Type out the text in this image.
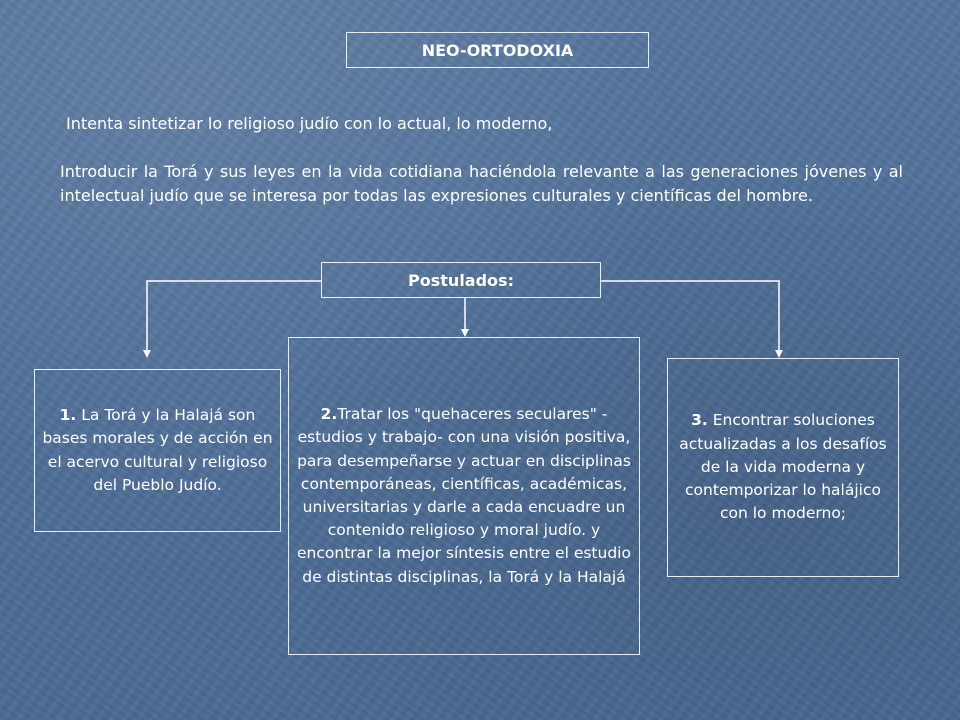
NEO-ORTODOXIA
Intenta sintetizar lo religioso judío con lo actual, lo moderno,
Introducir la Torá y sus leyes en la vida cotidiana haciéndola relevante a las generaciones jóvenes y al intelectual judío que se interesa por todas las expresiones culturales y científicas del hombre.
Postulados:
1. La Torá y la Halajá son bases morales y de acción en el acervo cultural y religioso del Pueblo Judío.
2.Tratar los "quehaceres seculares" -estudios y trabajo- con una visión positiva, para desempeñarse y actuar en disciplinas contemporáneas, científicas, académicas, universitarias y darle a cada encuadre un contenido religioso y moral judío. y encontrar la mejor síntesis entre el estudio de distintas disciplinas, la Torá y la Halajá
3. Encontrar soluciones actualizadas a los desafíos de la vida moderna y contemporizar lo halájico con lo moderno;
